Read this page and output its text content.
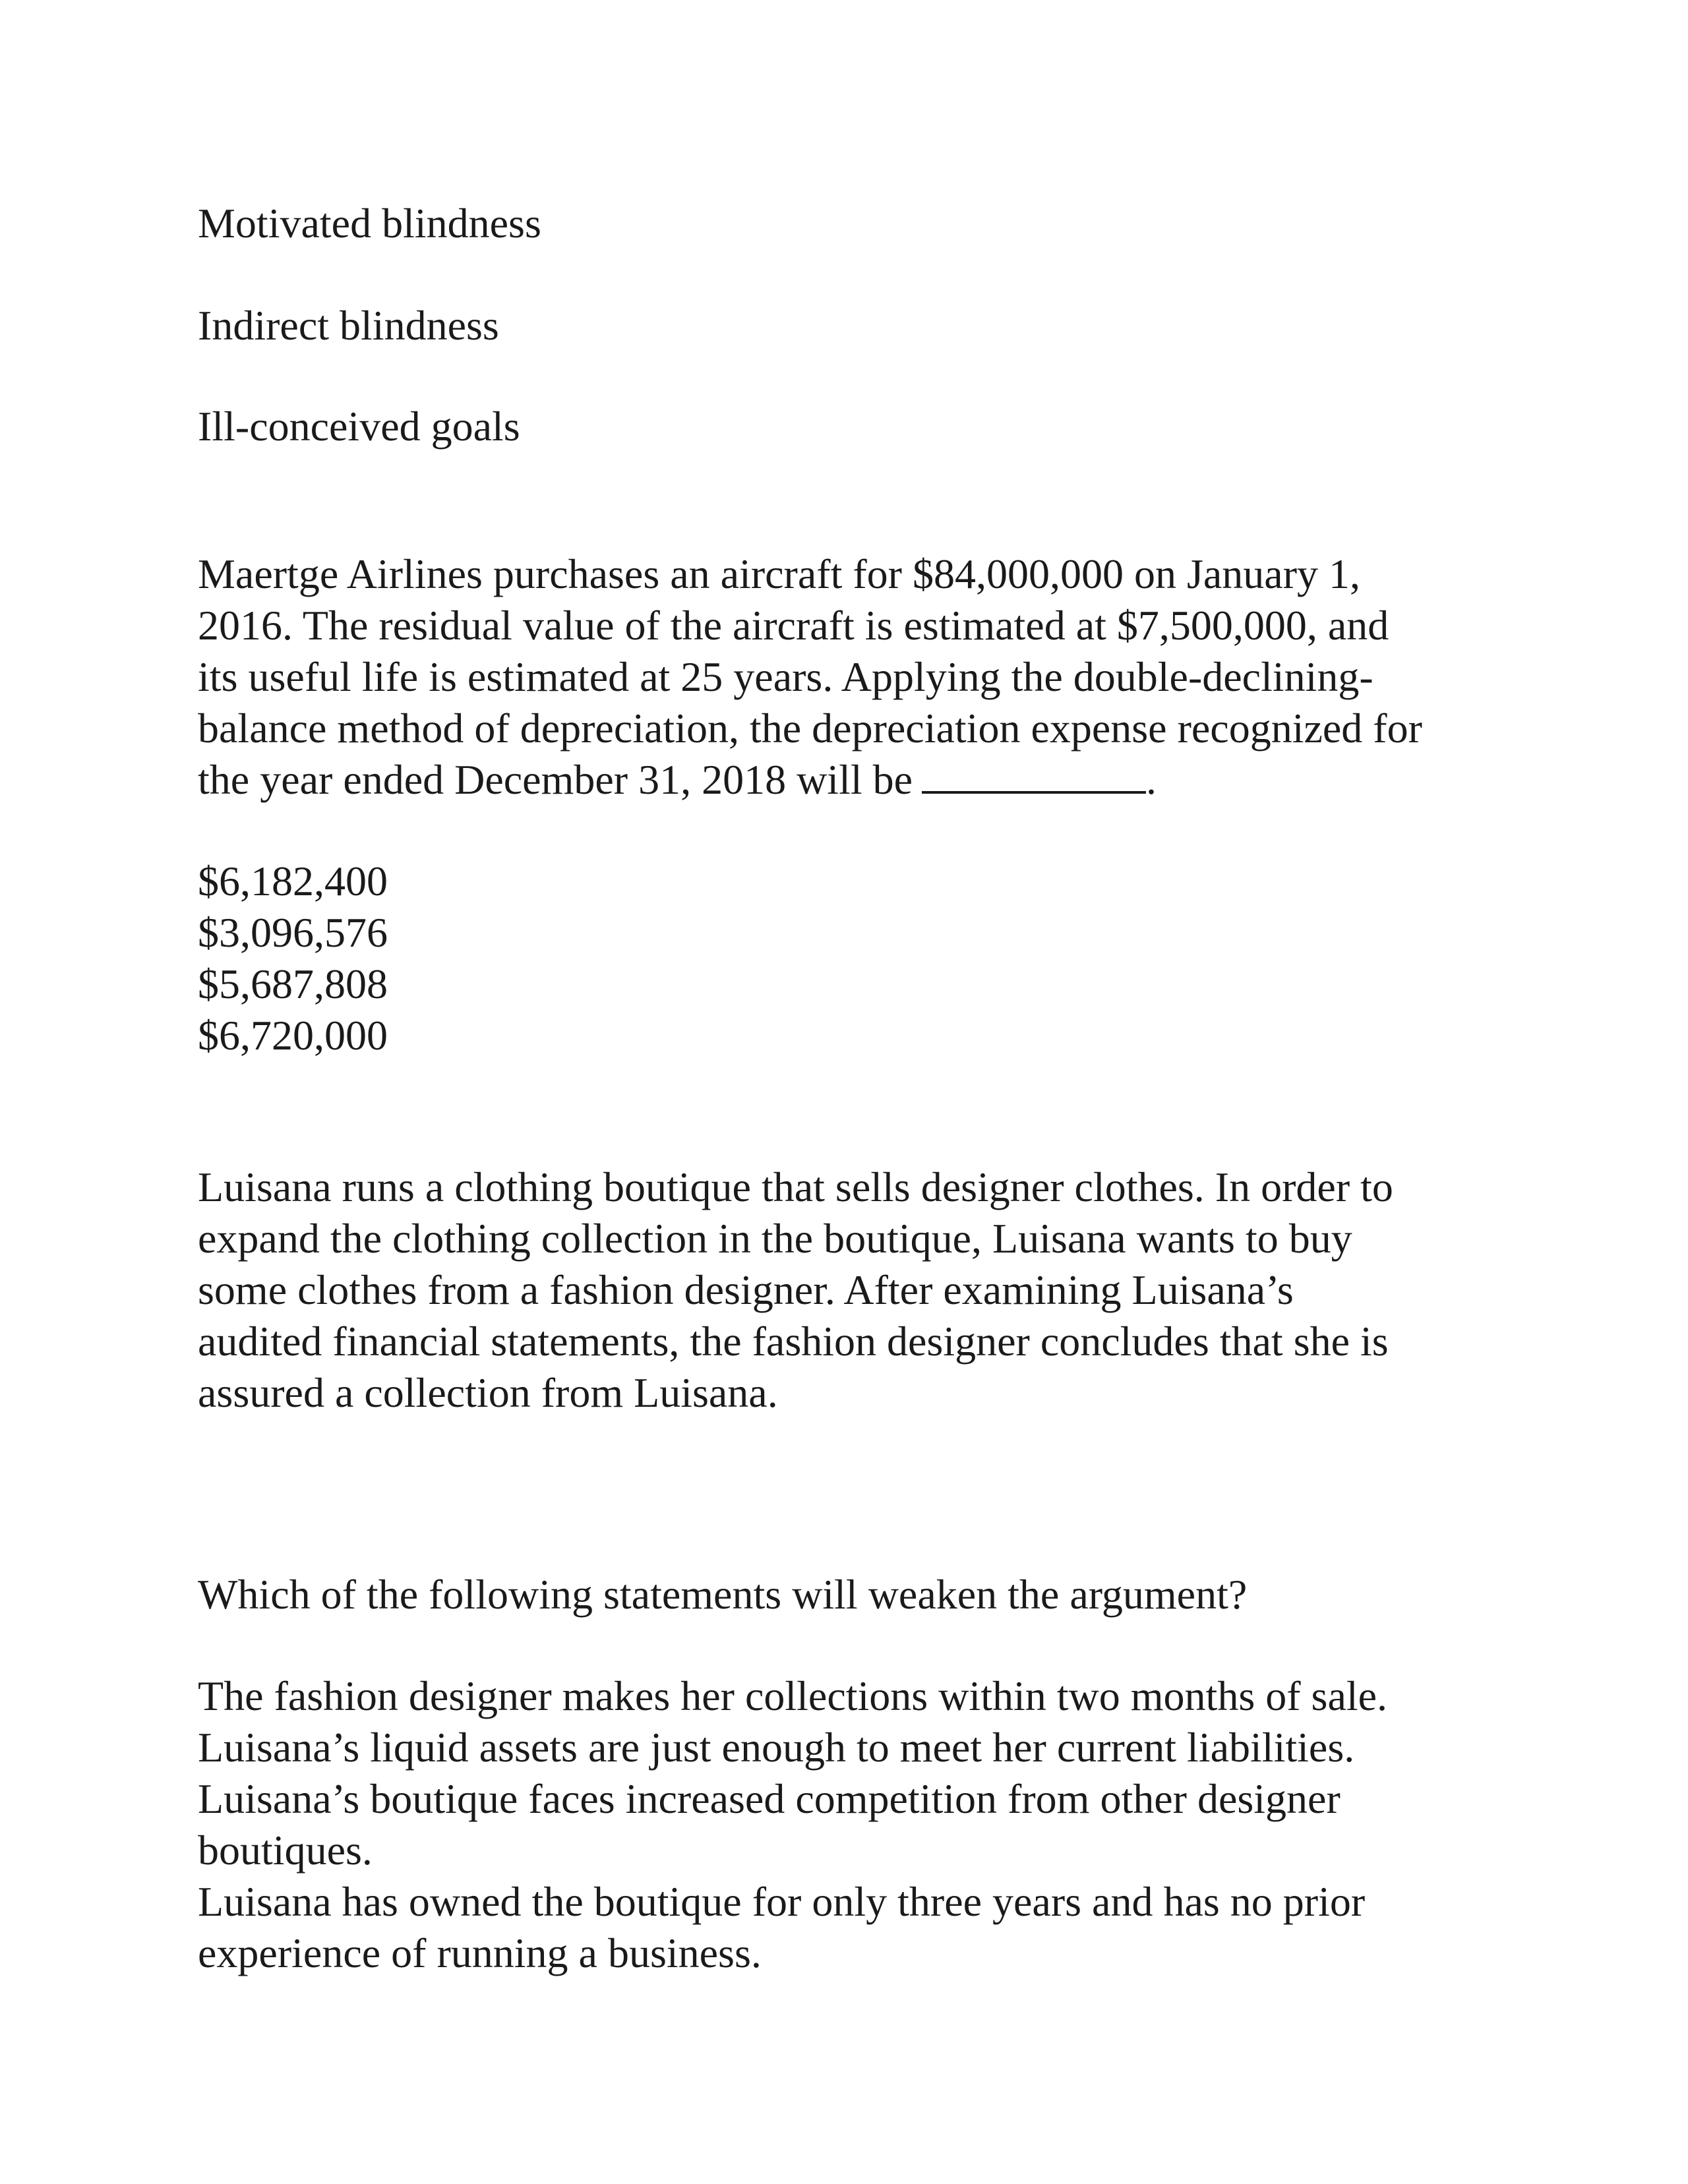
Motivated blindness

Indirect blindness

Ill-conceived goals

Maertge Airlines purchases an aircraft for $84,000,000 on January 1,

2016. The residual value of the aircraft is estimated at $7,500,000, and

its useful life is estimated at 25 years. Applying the double-declining-

balance method of depreciation, the depreciation expense recognized for

the year ended December 31, 2018 will be	.

$6,182,400

$3,096,576

$5,687,808

$6,720,000

Luisana runs a clothing boutique that sells designer clothes. In order to

expand the clothing collection in the boutique, Luisana wants to buy

some clothes from a fashion designer. After examining Luisana’s

audited financial statements, the fashion designer concludes that she is

assured a collection from Luisana.

Which of the following statements will weaken the argument?

The fashion designer makes her collections within two months of sale.

Luisana’s liquid assets are just enough to meet her current liabilities.

Luisana’s boutique faces increased competition from other designer

boutiques.

Luisana has owned the boutique for only three years and has no prior

experience of running a business.
